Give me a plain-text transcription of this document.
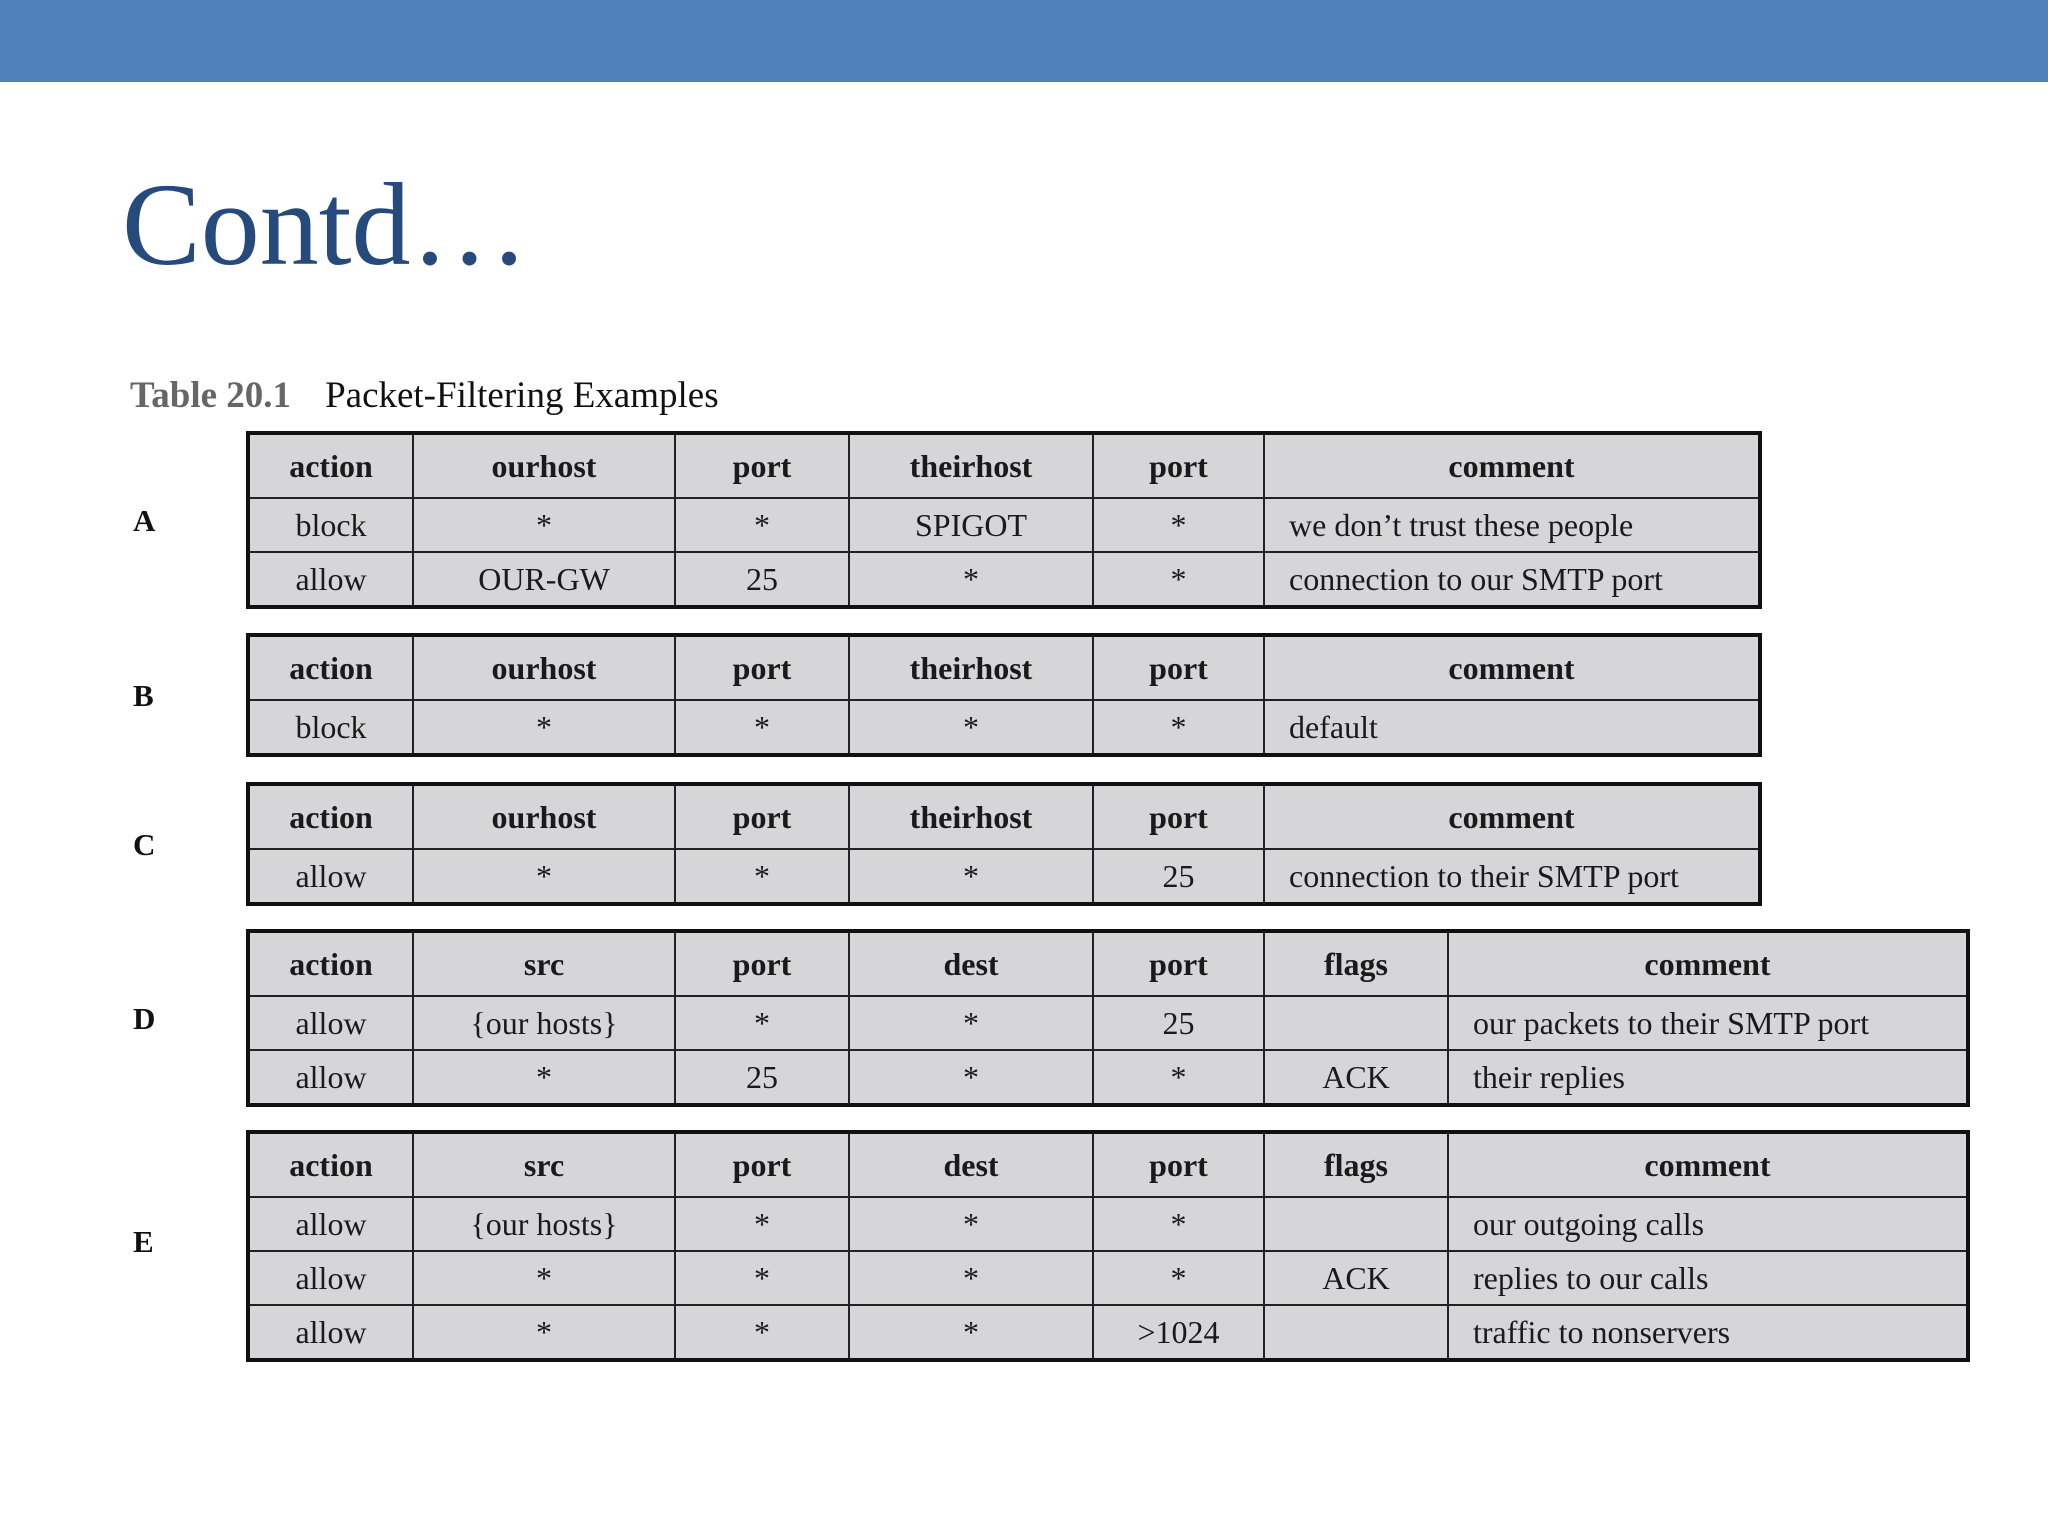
Contd…
Table 20.1 Packet-Filtering Examples
A
action	ourhost	port	theirhost	port	comment
block	*	*	SPIGOT	*	we don’t trust these people
allow	OUR-GW	25	*	*	connection to our SMTP port
B
action	ourhost	port	theirhost	port	comment
block	*	*	*	*	default
C
action	ourhost	port	theirhost	port	comment
allow	*	*	*	25	connection to their SMTP port
D
action	src	port	dest	port	flags	comment
allow	{our hosts}	*	*	25		our packets to their SMTP port
allow	*	25	*	*	ACK	their replies
E
action	src	port	dest	port	flags	comment
allow	{our hosts}	*	*	*		our outgoing calls
allow	*	*	*	*	ACK	replies to our calls
allow	*	*	*	>1024		traffic to nonservers
